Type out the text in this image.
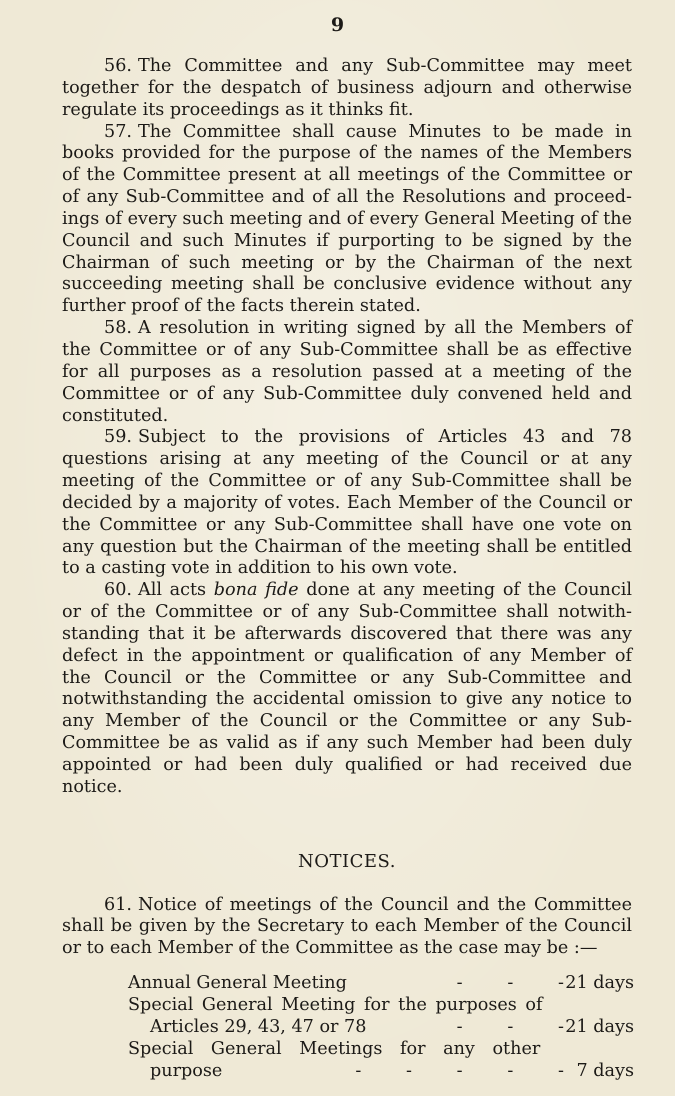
9

56. The Committee and any Sub-Committee may meet together for the despatch of business adjourn and otherwise regulate its proceedings as it thinks fit.

57. The Committee shall cause Minutes to be made in books provided for the purpose of the names of the Members of the Committee present at all meetings of the Committee or of any Sub-Committee and of all the Resolutions and proceedings of every such meeting and of every General Meeting of the Council and such Minutes if purporting to be signed by the Chairman of such meeting or by the Chairman of the next succeeding meeting shall be conclusive evidence without any further proof of the facts therein stated.

58. A resolution in writing signed by all the Members of the Committee or of any Sub-Committee shall be as effective for all purposes as a resolution passed at a meeting of the Committee or of any Sub-Committee duly convened held and constituted.

59. Subject to the provisions of Articles 43 and 78 questions arising at any meeting of the Council or at any meeting of the Committee or of any Sub-Committee shall be decided by a majority of votes. Each Member of the Council or the Committee or any Sub-Committee shall have one vote on any question but the Chairman of the meeting shall be entitled to a casting vote in addition to his own vote.

60. All acts bona fide done at any meeting of the Council or of the Committee or of any Sub-Committee shall notwithstanding that it be afterwards discovered that there was any defect in the appointment or qualification of any Member of the Council or the Committee or any Sub-Committee and notwithstanding the accidental omission to give any notice to any Member of the Council or the Committee or any Sub-Committee be as valid as if any such Member had been duly appointed or had been duly qualified or had received due notice.

NOTICES.

61. Notice of meetings of the Council and the Committee shall be given by the Secretary to each Member of the Council or to each Member of the Committee as the case may be :—

Annual General Meeting	-        -        - 21 days
Special General Meeting for the purposes of
Articles 29, 43, 47 or 78	-        -        - 21 days
Special General Meetings for any other
purpose	-        -        -        -        - 7 days
